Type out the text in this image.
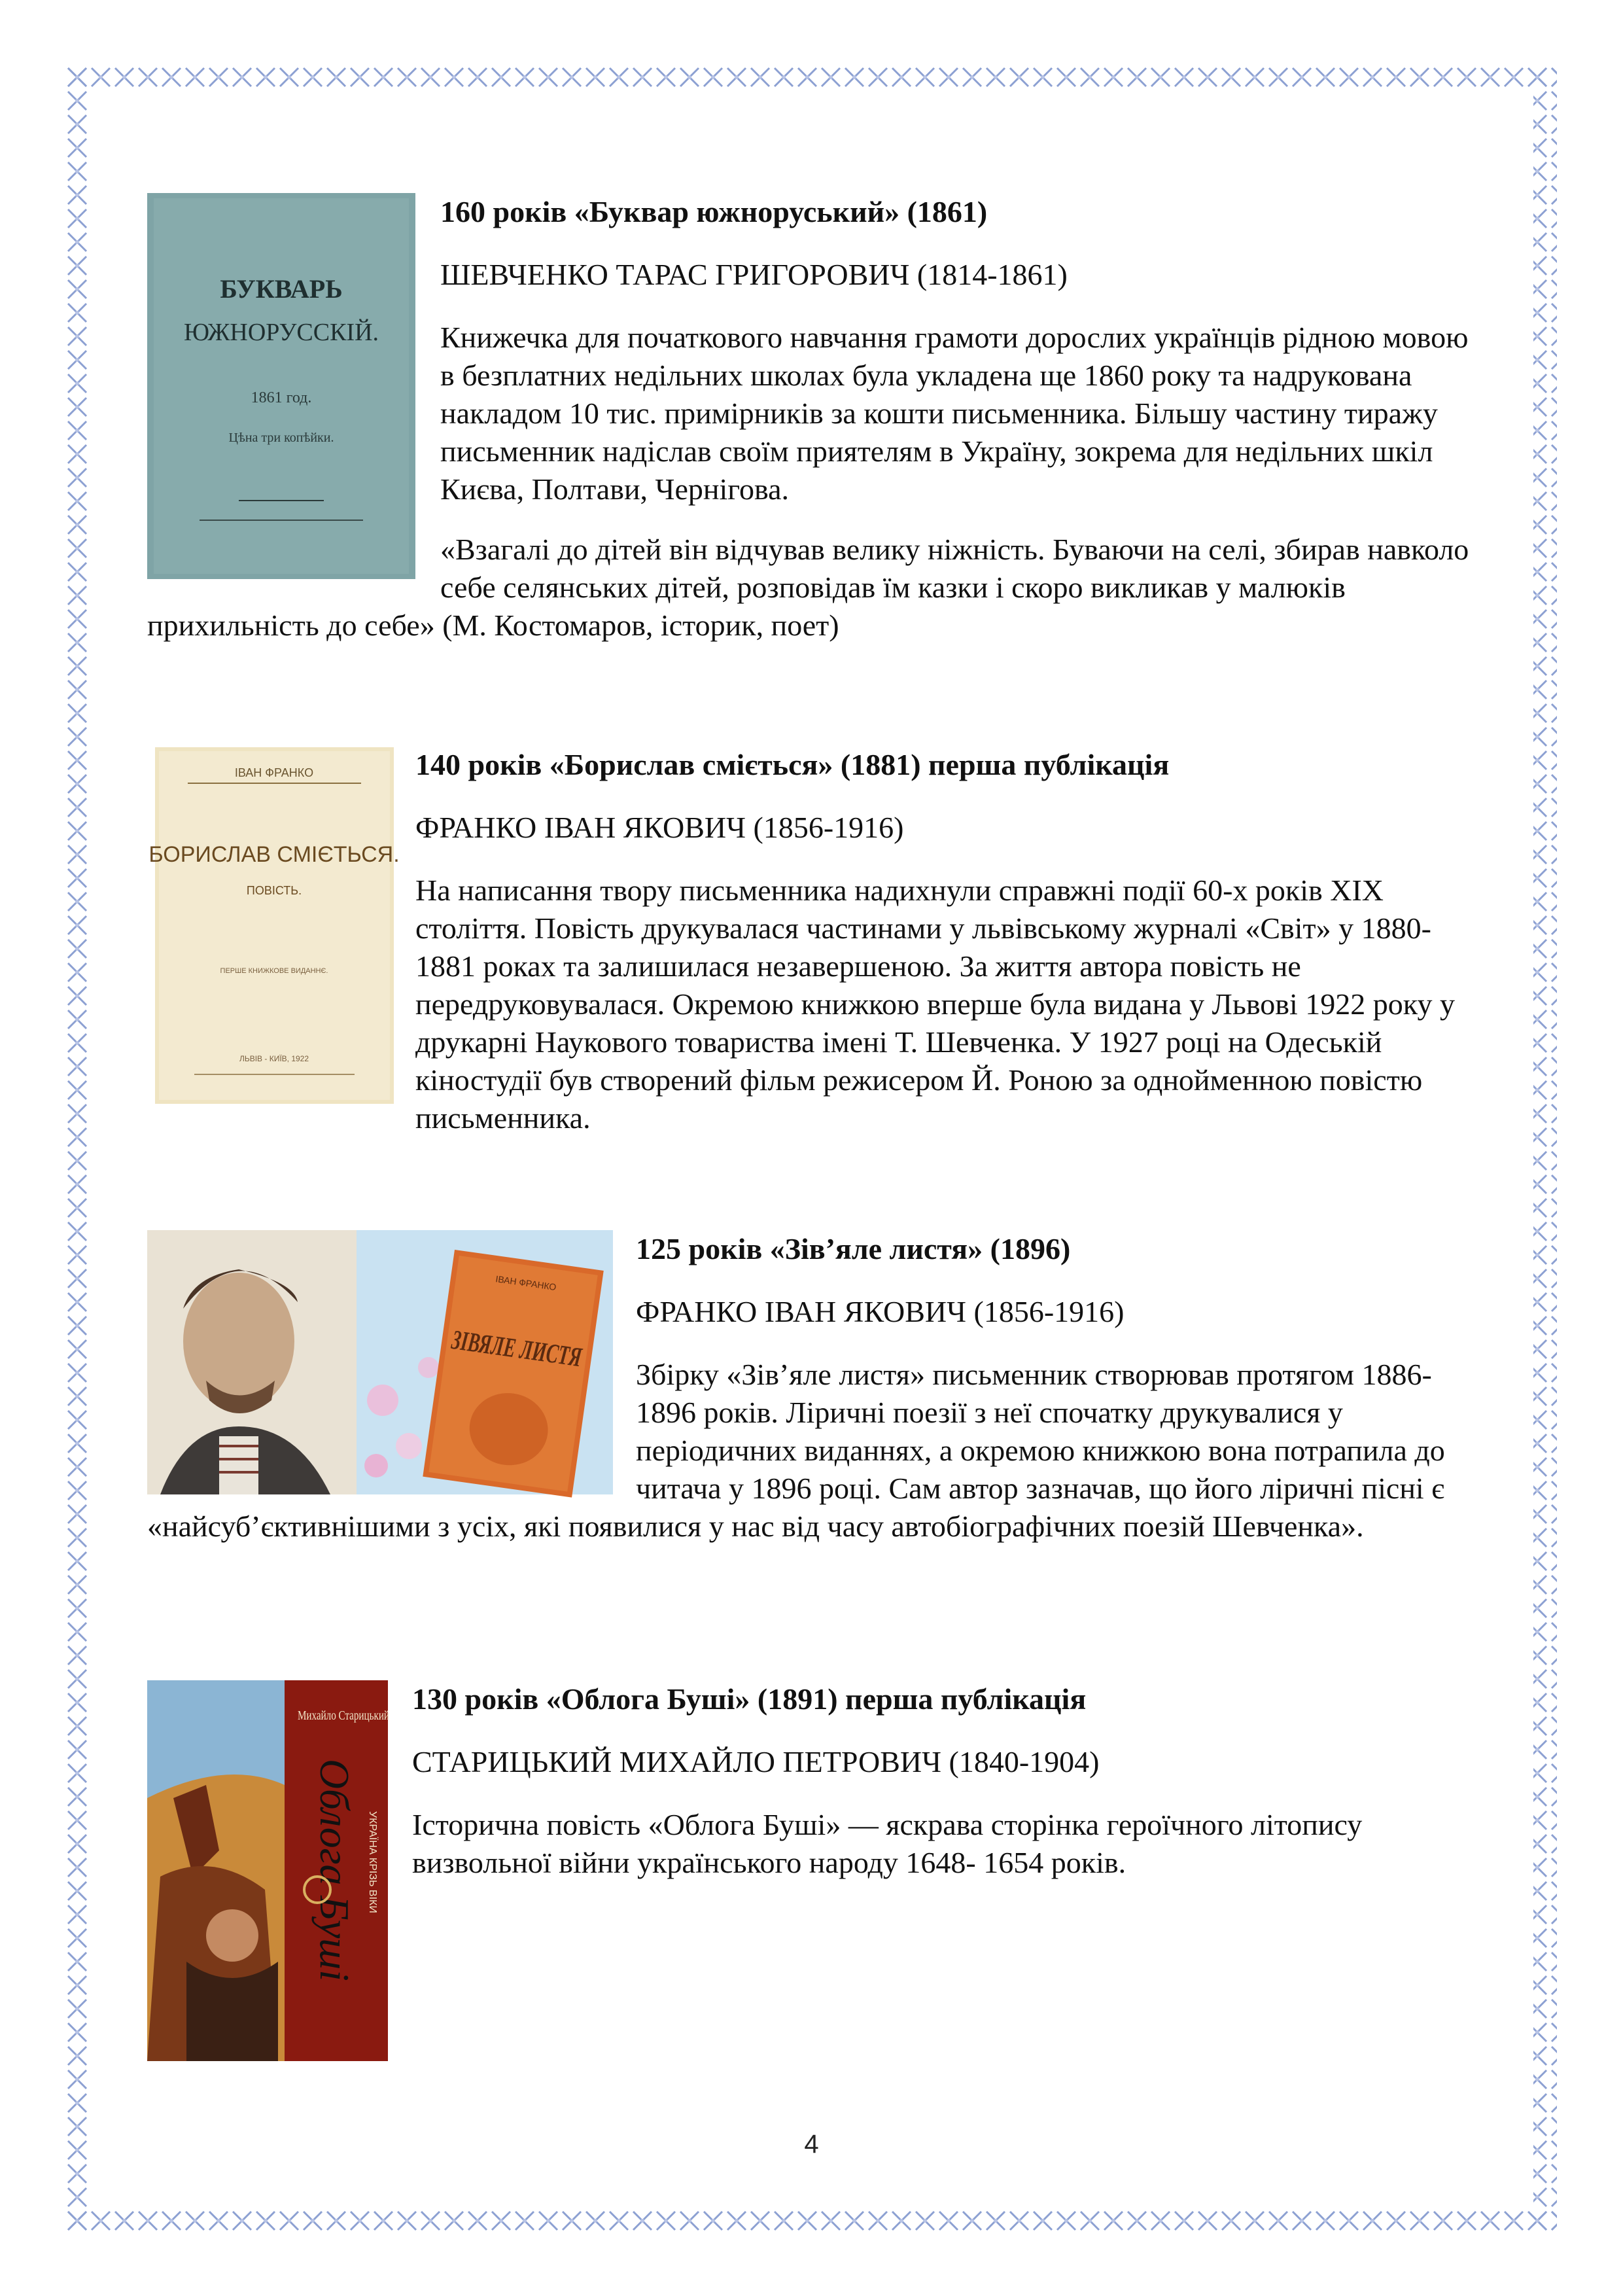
БУКВАРЬ
ЮЖНОРУССКІЙ.
1861 год.
Цѣна три копѣйки.

160 років «Буквар южноруський» (1861)

ШЕВЧЕНКО ТАРАС ГРИГОРОВИЧ (1814-1861)

Книжечка для початкового навчання грамоти дорослих українців рідною мовою в безплатних недільних школах була укладена ще 1860 року та надрукована накладом 10 тис. примірників за кошти письменника. Більшу частину тиражу письменник надіслав своїм приятелям в Україну, зокрема для недільних шкіл Києва, Полтави, Чернігова.

«Взагалі до дітей він відчував велику ніжність. Буваючи на селі, збирав навколо себе селянських дітей, розповідав їм казки і скоро викликав у малюків прихильність до себе» (М. Костомаров, історик, поет)

ІВАН ФРАНКО
БОРИСЛАВ СМІЄТЬСЯ.
ПОВІСТЬ.
ПЕРШЕ КНИЖКОВЕ ВИДАННЄ.
ЛЬВІВ - КИЇВ, 1922

140 років «Борислав сміється» (1881) перша публікація

ФРАНКО ІВАН ЯКОВИЧ (1856-1916)

На написання твору письменника надихнули справжні події 60-х років XIX століття. Повість друкувалася частинами у львівському журналі «Світ» у 1880-1881 роках та залишилася незавершеною. За життя автора повість не передруковувалася. Окремою книжкою вперше була видана у Львові 1922 року у друкарні Наукового товариства імені Т. Шевченка. У 1927 році на Одеській кіностудії був створений фільм режисером Й. Роною за однойменною повістю письменника.

ІВАН ФРАНКО
ЗІВЯЛЕ ЛИСТЯ

125 років «Зів’яле листя» (1896)

ФРАНКО ІВАН ЯКОВИЧ (1856-1916)

Збірку «Зів’яле листя» письменник створював протягом 1886-1896 років. Ліричні поезії з неї спочатку друкувалися у періодичних виданнях, а окремою книжкою вона потрапила до читача у 1896 році. Сам автор зазначав, що його ліричні пісні є «найсуб’єктивнішими з усіх, які появилися у нас від часу автобіографічних поезій Шевченка».

Михайло Старицький
Облога Буші УКРАЇНА КРІЗЬ ВІКИ

130 років «Облога Буші» (1891) перша публікація

СТАРИЦЬКИЙ МИХАЙЛО ПЕТРОВИЧ (1840-1904)

Історична повість «Облога Буші» — яскрава сторінка героїчного літопису визвольної війни українського народу 1648- 1654 років.

4
